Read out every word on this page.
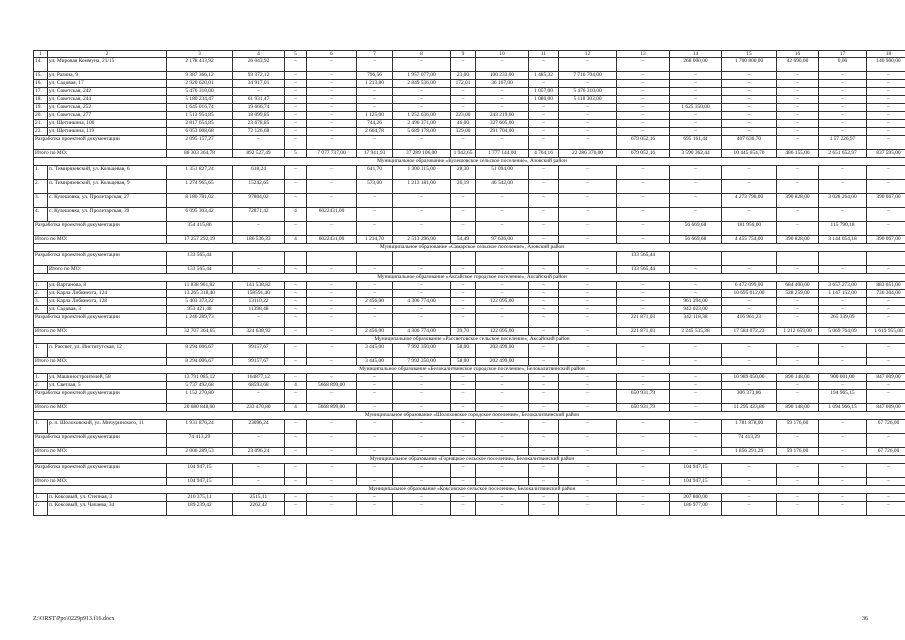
1	2	3	4	5	6	7	8	9	10	11	12	13	14	15	16	17	18
14.	ул. Мировая Коммуна, 21/15	2 178 433,92	26 043,92	–	–	–	–	–	–	–	–	–	268 000,00	1 700 800,00	42 690,00	0,00	140 900,00
15.	ул. Разина, 9	9 387 366,12	93 372,12	–	–	796,56	1 957 077,00	23,00	100 233,00	1 485,32	7 716 704,00	–	–	–	–	–	–
16.	ул. Садовая, 17	2 920 620,01	34 917,01	–	–	1 213,80	2 849 536,00	172,01	36 167,00	–	–	–	–	–	–	–	–
17.	ул. Советская, 242	5 476 310,00	–	–	–	–	–	–	–	1 057,00	5 476 310,00	–	–	–	–	–	–
18.	ул. Советская, 244	5 180 234,47	61 931,47	–	–	–	–	–	–	1 086,00	5 118 303,00	–	–	–	–	–	–
19.	ул. Советская, 252	1 645 016,74	19 666,74	–	–	–	–	–	–	–	–	–	1 625 350,00	–	–	–	–
20.	ул. Советская, 277	1 513 954,85	18 099,85	–	–	1 125,00	1 252 636,00	223,00	243 219,00	–	–	–	–	–	–	–	–
21.	ул. Щетинкина, 100	2 817 654,85	23 678,85	–	–	744,26	2 496 371,00	46,00	327 605,00	–	–	–	–	–	–	–	–
22.	ул. Щетинкина, 119	6 053 008,68	72 126,68	–	–	2 664,78	5 689 178,00	329,00	291 704,00	–	–	–	–	–	–	–	–
Разработка проектной документации		2 095 157,27	–	–	–	–	–	–	–	–	–	679 052,16	695 161,44	407 636,70	–	1 57 226,97	–
Итого по МО:		88 303 364,78	892 527,49	5	7 077 737,00	17 941,93	37 289 106,00	1 942,65	1 777 144,00	4 764,16	22 286 376,00	679 052,16	3 590 362,44	10 445 654,70	486 155,00	2 651 652,97	837 595,00
Муниципальное образование «Кулешовское сельское поселение», Азовский район																	
1.	п. Тимирязевский, ул. Кольцевая, 6	1 351 827,24	618,24	–	–	641,70	1 300 115,00	28,30	51 094,00	–	–	–	–	–	–	–	–
2.	п. Тимирязевский, ул. Кольцевая, 9	1 274 965,65	15242,65	–	–	573,00	1 213 181,00	26,19	46 542,00	–	–	–	–	–	–	–	–
3.	с. Кулешовка, ул. Пролетарская, 27	8 180 781,02	97804,02	–	–	–	–	–	–	–	–	–	–	4 273 798,00	390 828,00	3 028 264,00	390 067,00
4.	с. Кулешовка, ул. Пролетарская, 39	6 095 303,42	72871,42	4	6022431,00	–	–	–	–	–	–	–	–	–	–	–	–
Разработка проектной документации		354 415,86	–	–	–	–	–	–	–	–	–	–	56 669,68	181 956,00	–	115 790,18	–
Итого по МО:		17 257 292,19	186 536,33	4	6022431,00	1 214,70	2 513 296,00	54,49	97 636,00	–	–	–	56 669,68	4 455 754,00	390 828,00	3 144 054,18	390 067,00
Муниципальное образование «Самарское сельское поселение», Азовский район																	
Разработка проектной документации		133 565,44										133 565,44					
	Итого по МО:	133 565,44	–	–	–	–	–	–	–	–	–	133 565,44	–	–	–	–	–
Муниципальное образование «Аксайское городское поселение», Аксайский район																	
1.	ул. Вартанова, 8	11 838 961,82	141 538,82	–	–	–	–	–	–	–	–	–	–	6 472 099,00	684 400,00	3 657 273,00	883 651,00
2.	ул. Карла Либкнехта, 124	13 265 318,40	158591,40	–	–	–	–	–	–	–	–	–	–	10 695 012,00	528 259,00	1 147 152,00	736 304,00
3.	ул. Карла Либкнехта, 128	5 403 373,22	13110,22	–	–	2 456,00	4 306 774,00	–	122 095,00	–	–	–	961 394,00	–	–	–	–
4.	ул. Садовая, 3	953 421,48	11398,48	–	–	–	–	–	–	–	–	–	942 023,00	–	–	–	–
Разработка проектной документации		1 246 289,73	–	–	–	–	–	–	–	–	–	221 871,03	342 118,38	416 961,23	–	265 339,09	–
Итого по МО:		32 707 364,65	324 638,92	–	–	2 456,00	4 306 774,00	39,70	122 095,00	–	–	221 871,03	2 245 535,38	17 584 072,23	1 212 659,00	5 069 764,09	1 619 955,00
Муниципальное образование «Рассветовское сельское поселение», Аксайский район																	
1.	п. Рассвет, ул. Институтская, 12	8 294 006,67	99157,67	–	–	3 445,00	7 992 350,00	58,00	202 499,00	–	–	–	–	–	–	–	–
Итого по МО:		8 294 006,67	99157,67	–	–	3 445,00	7 992 350,00	58,00	202 499,00	–	–	–	–	–	–	–	–
Муниципальное образование «Белокалитвинское городское поселение», Белокалитвинский район																	
1.	ул. Машиностроителей, 58	13 791 085,12	164877,12	–	–	–	–	–	–	–	–	–	–	10 989 050,00	890 148,00	900 001,00	847 009,00
2.	ул. Светлая, 5	5 737 492,68	68593,68	4	5668 899,00	–	–	–	–	–	–	–	–	–	–	–	–
Разработка проектной документации		1 152 270,80	–	–	–	–	–	–	–	–	–	650 931,79	–	306 373,86	–	194 965,15	–
Итого по МО:		20 680 848,60	233 470,80	4	5668 899,00	–	–	–	–	–	–	650 931,79	–	11 295 423,86	890 148,00	1 094 966,15	847 009,00
Муниципальное образование «Шолоховское городское поселение», Белокалитвинский район																	
1.	р. п. Шолоховский, ул. Мичуринского, 11	1 931 876,24	23096,24	–	–	–	–	–	–	–	–	–	–	1 781 878,00	59 176,00	–	67 726,00
Разработка проектной документации		74 413,29	–	–	–	–	–	–	–	–	–	–	–	74 413,29	–	–	–
Итого по МО:		2 006 289,53	23 096,24	–	–	–	–	–	–	–	–	–	–	1 856 291,29	59 176,00	–	67 726,00
Муниципальное образование «Горняцкое сельское поселение», Белокалитвинский район																	
Разработка проектной документации		104 947,15	–	–	–	–	–	–	–	–	–	–	104 947,15	–	–	–	–
Итого по МО:		104 947,15	–	–	–	–	–	–	–	–	–	–	104 947,15	–	–	–	–
Муниципальное образование «Коксовское сельское поселение», Белокалитвинский район																	
1.	п. Коксовый, ул. Степная, 3	210 375,11	2515,11	–	–	–	–	–	–	–	–	–	207 860,00	–	–	–	–
2.	п. Коксовый, ул. Чапаева, 34	189 239,42	2262,42	–	–	–	–	–	–	–	–	–	186 977,00	–	–	–	–
Z:\ORST\Ppo\0229p913.f16.docx	36
